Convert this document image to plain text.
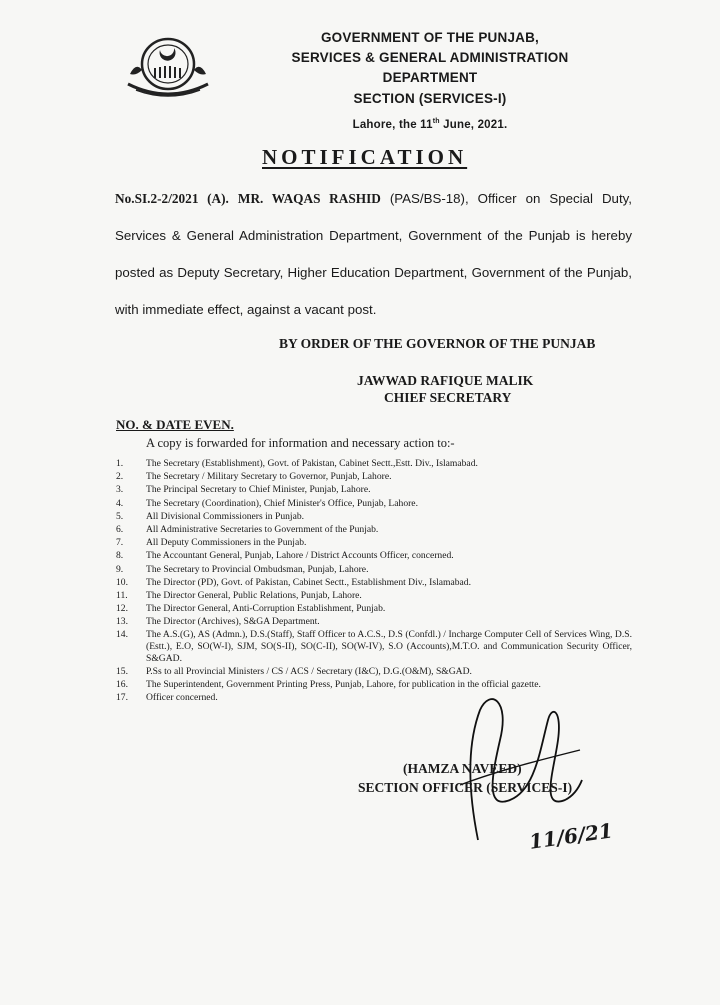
GOVERNMENT OF THE PUNJAB,
SERVICES & GENERAL ADMINISTRATION
DEPARTMENT
SECTION (SERVICES-I)
Lahore, the 11th June, 2021.
NOTIFICATION
No.SI.2-2/2021 (A). MR. WAQAS RASHID (PAS/BS-18), Officer on Special Duty, Services & General Administration Department, Government of the Punjab is hereby posted as Deputy Secretary, Higher Education Department, Government of the Punjab, with immediate effect, against a vacant post.
BY ORDER OF THE GOVERNOR OF THE PUNJAB
JAWWAD RAFIQUE MALIK
CHIEF SECRETARY
NO. & DATE EVEN.
A copy is forwarded for information and necessary action to:-
1.	The Secretary (Establishment), Govt. of Pakistan, Cabinet Sectt.,Estt. Div., Islamabad.
2.	The Secretary / Military Secretary to Governor, Punjab, Lahore.
3.	The Principal Secretary to Chief Minister, Punjab, Lahore.
4.	The Secretary (Coordination), Chief Minister's Office, Punjab, Lahore.
5.	All Divisional Commissioners in Punjab.
6.	All Administrative Secretaries to Government of the Punjab.
7.	All Deputy Commissioners in the Punjab.
8.	The Accountant General, Punjab, Lahore / District Accounts Officer, concerned.
9.	The Secretary to Provincial Ombudsman, Punjab, Lahore.
10.	The Director (PD), Govt. of Pakistan, Cabinet Sectt., Establishment Div., Islamabad.
11.	The Director General, Public Relations, Punjab, Lahore.
12.	The Director General, Anti-Corruption Establishment, Punjab.
13.	The Director (Archives), S&GA Department.
14.	The A.S.(G), AS (Admn.), D.S.(Staff), Staff Officer to A.C.S., D.S (Confdl.) / Incharge Computer Cell of Services Wing, D.S.(Estt.), E.O, SO(W-I), SJM, SO(S-II), SO(C-II), SO(W-IV), S.O (Accounts),M.T.O. and Communication Security Officer, S&GAD.
15.	P.Ss to all Provincial Ministers / CS / ACS / Secretary (I&C), D.G.(O&M), S&GAD.
16.	The Superintendent, Government Printing Press, Punjab, Lahore, for publication in the official gazette.
17.	Officer concerned.
(HAMZA NAVEED)
SECTION OFFICER (SERVICES-I)
11/6/21
